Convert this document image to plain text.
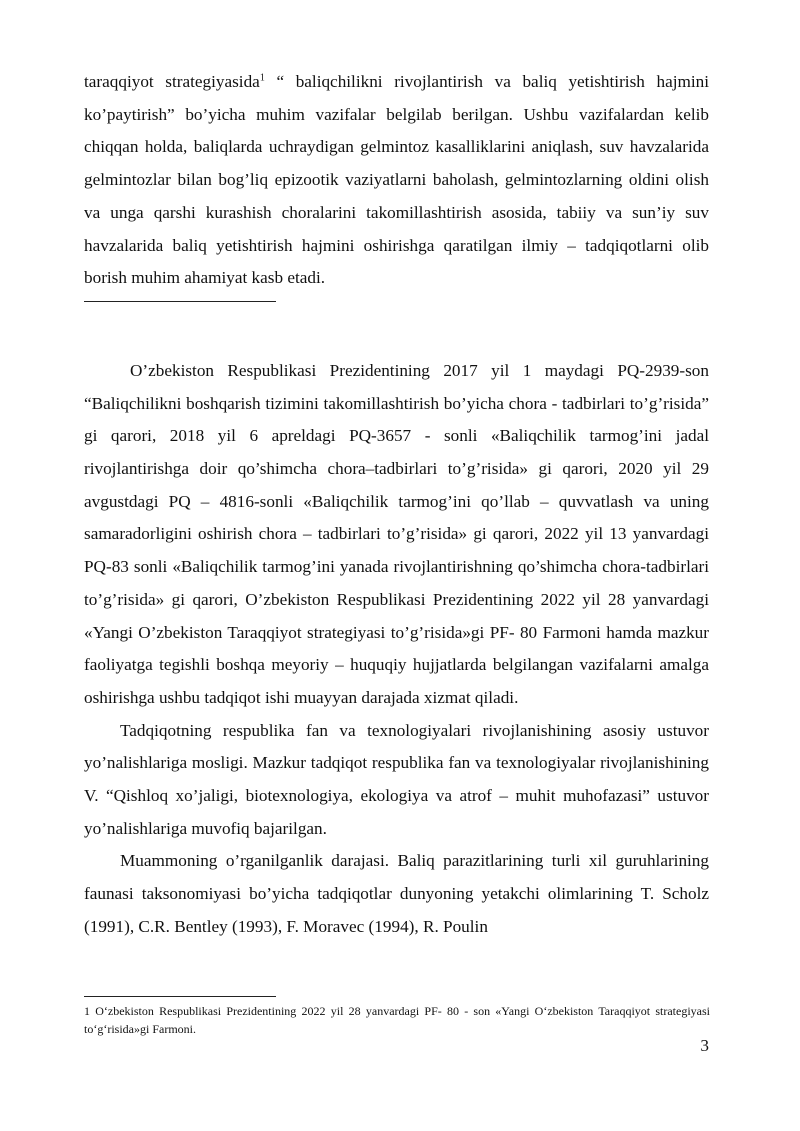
taraqqiyot strategiyasida$^1$ “ baliqchilikni rivojlantirish va baliq yetishtirish hajmini ko’paytirish” bo’yicha muhim vazifalar belgilab berilgan. Ushbu vazifalardan kelib chiqqan holda, baliqlarda uchraydigan gelmintoz kasalliklarini aniqlash, suv havzalarida gelmintozlar bilan bog’liq epizootik vaziyatlarni baholash, gelmintozlarning oldini olish va unga qarshi kurashish choralarini takomillashtirish asosida, tabiiy va sun’iy suv havzalarida baliq yetishtirish hajmini oshirishga qaratilgan ilmiy – tadqiqotlarni olib borish muhim ahamiyat kasb etadi.

O’zbekiston Respublikasi Prezidentining 2017 yil 1 maydagi PQ-2939-son “Baliqchilikni boshqarish tizimini takomillashtirish bo’yicha chora - tadbirlari to’g’risida” gi qarori, 2018 yil 6 apreldagi PQ-3657 - sonli «Baliqchilik tarmog’ini jadal rivojlantirishga doir qo’shimcha chora–tadbirlari to’g’risida» gi qarori, 2020 yil 29 avgustdagi PQ – 4816-sonli «Baliqchilik tarmog’ini qo’llab – quvvatlash va uning samaradorligini oshirish chora – tadbirlari to’g’risida» gi qarori, 2022 yil 13 yanvardagi PQ-83 sonli «Baliqchilik tarmog’ini yanada rivojlantirishning qo’shimcha chora-tadbirlari to’g’risida» gi qarori, O’zbekiston Respublikasi Prezidentining 2022 yil 28 yanvardagi «Yangi O’zbekiston Taraqqiyot strategiyasi to’g’risida»gi PF- 80 Farmoni hamda mazkur faoliyatga tegishli boshqa meyoriy – huquqiy hujjatlarda belgilangan vazifalarni amalga oshirishga ushbu tadqiqot ishi muayyan darajada xizmat qiladi.

Tadqiqotning respublika fan va texnologiyalari rivojlanishining asosiy ustuvor yo’nalishlariga mosligi. Mazkur tadqiqot respublika fan va texnologiyalar rivojlanishining V. “Qishloq xo’jaligi, biotexnologiya, ekologiya va atrof – muhit muhofazasi” ustuvor yo’nalishlariga muvofiq bajarilgan.

Muammoning o’rganilganlik darajasi. Baliq parazitlarining turli xil guruhlarining faunasi taksonomiyasi bo’yicha tadqiqotlar dunyoning yetakchi olimlarining T. Scholz (1991), C.R. Bentley (1993), F. Moravec (1994), R. Poulin

1 O‘zbekiston Respublikasi Prezidentining 2022 yil 28 yanvardagi PF- 80 - son «Yangi O‘zbekiston Taraqqiyot strategiyasi to‘g‘risida»gi Farmoni.

3
